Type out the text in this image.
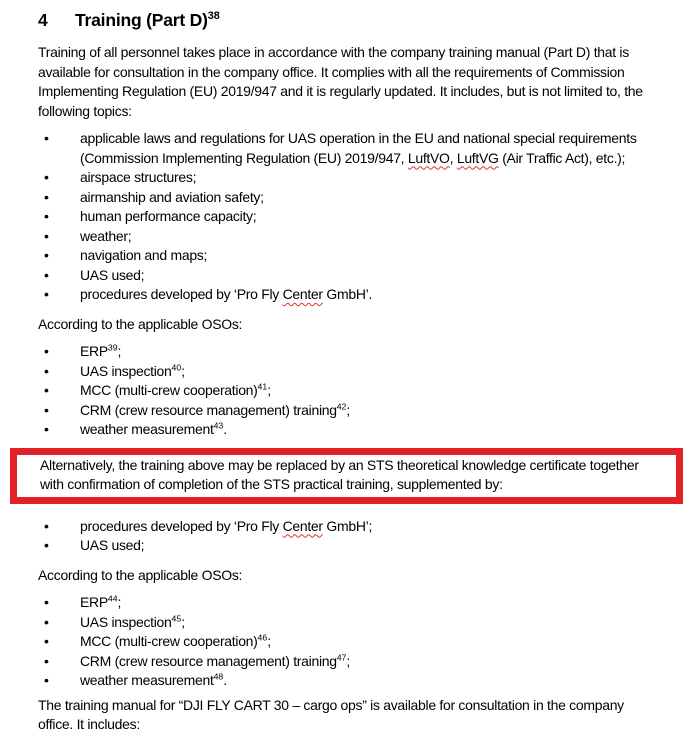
4 Training (Part D)$^{38}$

Training of all personnel takes place in accordance with the company training manual (Part D) that is available for consultation in the company office. It complies with all the requirements of Commission Implementing Regulation (EU) 2019/947 and it is regularly updated. It includes, but is not limited to, the following topics:

• applicable laws and regulations for UAS operation in the EU and national special requirements (Commission Implementing Regulation (EU) 2019/947, LuftVO, LuftVG (Air Traffic Act), etc.);
• airspace structures;
• airmanship and aviation safety;
• human performance capacity;
• weather;
• navigation and maps;
• UAS used;
• procedures developed by ‘Pro Fly Center GmbH’.

According to the applicable OSOs:

• ERP$^{39}$;
• UAS inspection$^{40}$;
• MCC (multi-crew cooperation)$^{41}$;
• CRM (crew resource management) training$^{42}$;
• weather measurement$^{43}$.

Alternatively, the training above may be replaced by an STS theoretical knowledge certificate together with confirmation of completion of the STS practical training, supplemented by:

• procedures developed by ‘Pro Fly Center GmbH’;
• UAS used;

According to the applicable OSOs:

• ERP$^{44}$;
• UAS inspection$^{45}$;
• MCC (multi-crew cooperation)$^{46}$;
• CRM (crew resource management) training$^{47}$;
• weather measurement$^{48}$.

The training manual for “DJI FLY CART 30 – cargo ops” is available for consultation in the company office. It includes:
